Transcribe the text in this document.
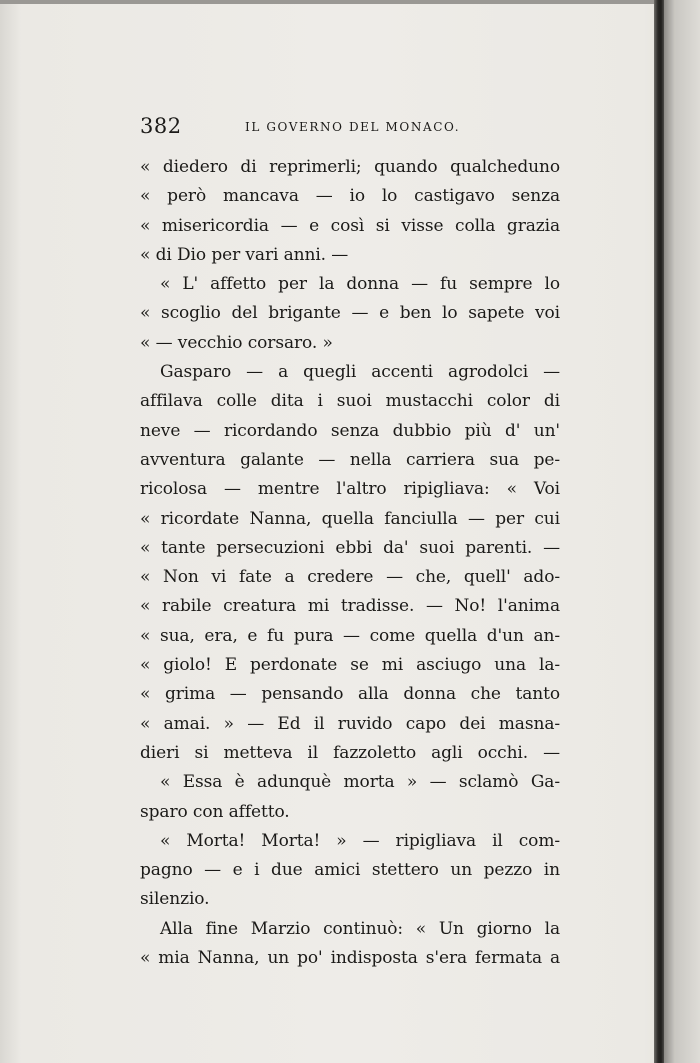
382	IL GOVERNO DEL MONACO.
« diedero di reprimerli; quando qualcheduno
« però mancava — io lo castigavo senza
« misericordia — e così si visse colla grazia
« di Dio per vari anni. —
« L' affetto per la donna — fu sempre lo
« scoglio del brigante — e ben lo sapete voi
« — vecchio corsaro. »
Gasparo — a quegli accenti agrodolci —
affilava colle dita i suoi mustacchi color di
neve — ricordando senza dubbio più d' un'
avventura galante — nella carriera sua pe-
ricolosa — mentre l'altro ripigliava: « Voi
« ricordate Nanna, quella fanciulla — per cui
« tante persecuzioni ebbi da' suoi parenti. —
« Non vi fate a credere — che, quell' ado-
« rabile creatura mi tradisse. — No! l'anima
« sua, era, e fu pura — come quella d'un an-
« giolo! E perdonate se mi asciugo una la-
« grima — pensando alla donna che tanto
« amai. » — Ed il ruvido capo dei masna-
dieri si metteva il fazzoletto agli occhi. —
« Essa è adunquè morta » — sclamò Ga-
sparo con affetto.
« Morta! Morta! » — ripigliava il com-
pagno — e i due amici stettero un pezzo in
silenzio.
Alla fine Marzio continuò: « Un giorno la
« mia Nanna, un po' indisposta s'era fermata a
